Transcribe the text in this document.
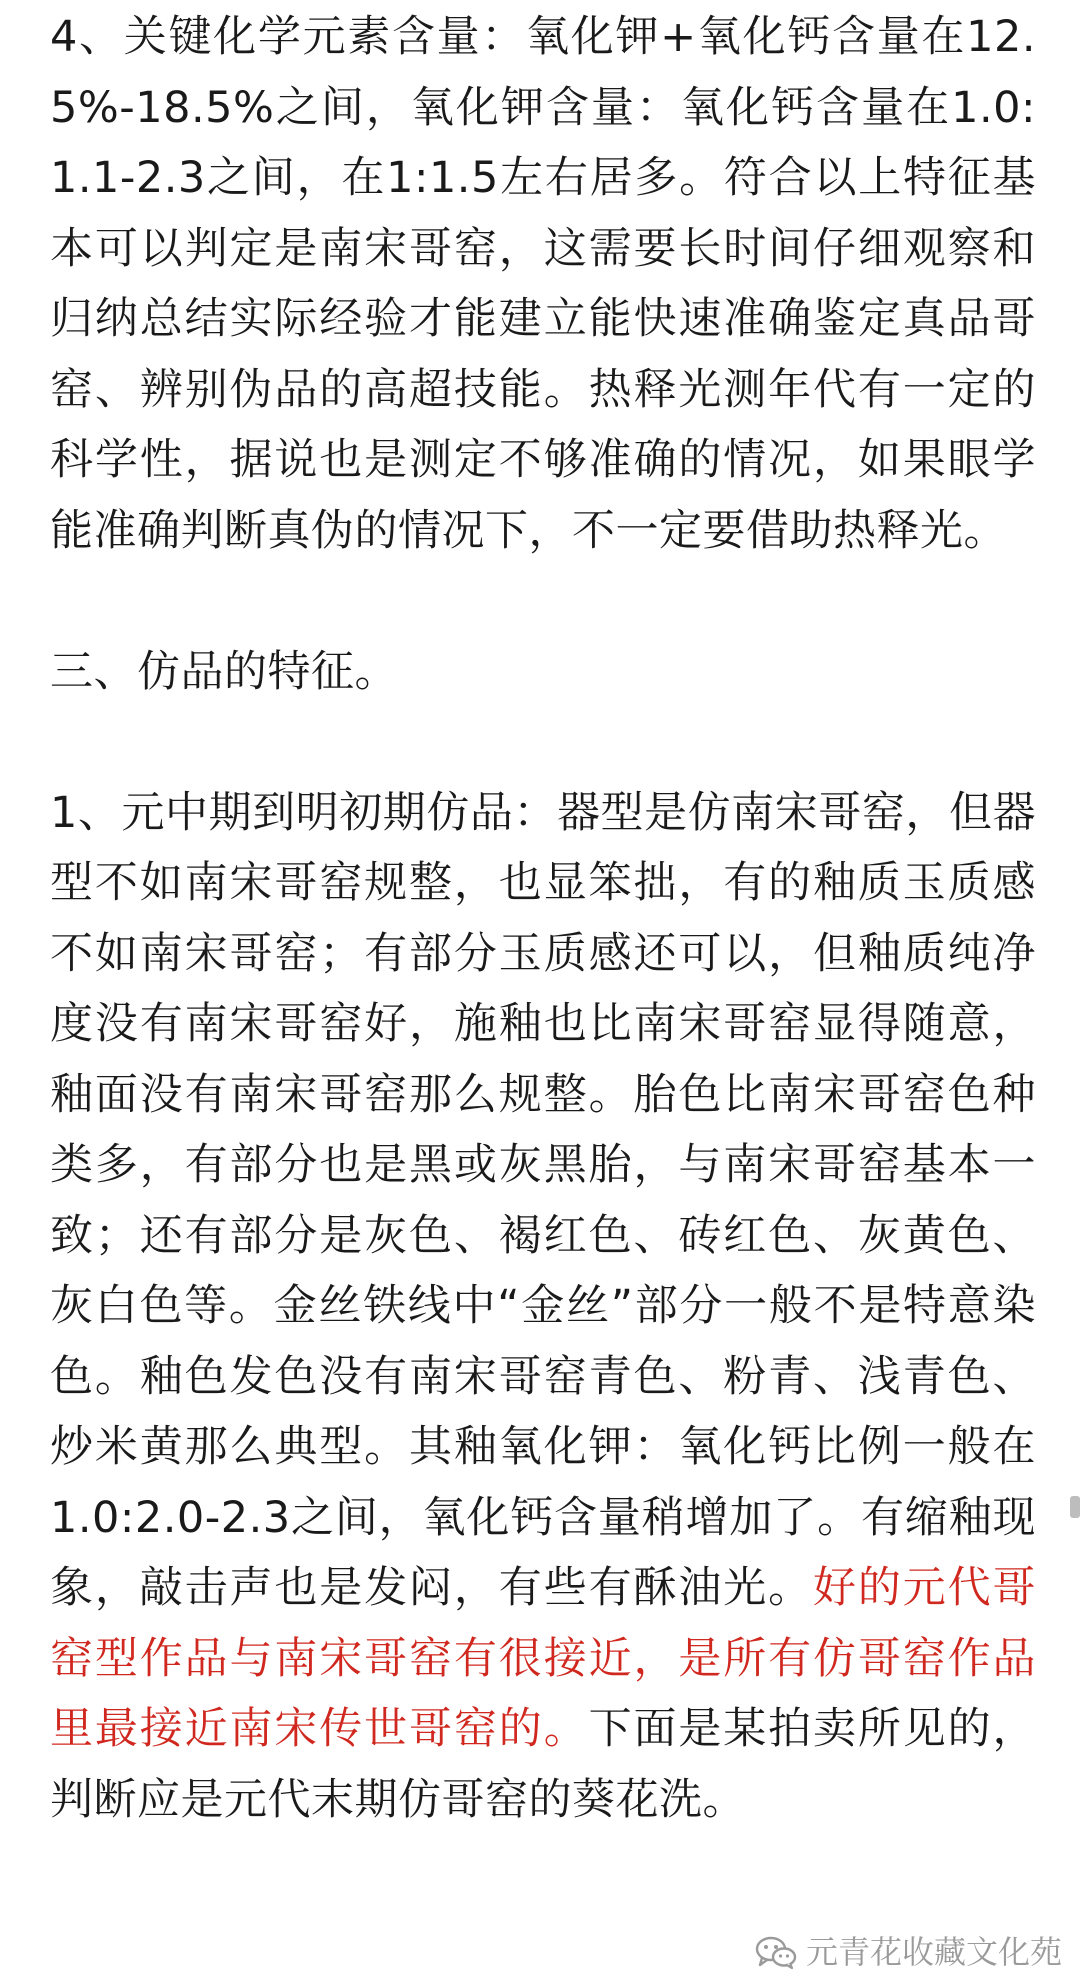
4、关键化学元素含量：氧化钾+氧化钙含量在12.5%-18.5%之间，氧化钾含量：氧化钙含量在1.0:1.1-2.3之间，在1:1.5左右居多。符合以上特征基本可以判定是南宋哥窑，这需要长时间仔细观察和归纳总结实际经验才能建立能快速准确鉴定真品哥窑、辨别伪品的高超技能。热释光测年代有一定的科学性，据说也是测定不够准确的情况，如果眼学能准确判断真伪的情况下，不一定要借助热释光。

三、仿品的特征。

1、元中期到明初期仿品：器型是仿南宋哥窑，但器型不如南宋哥窑规整，也显笨拙，有的釉质玉质感不如南宋哥窑；有部分玉质感还可以，但釉质纯净度没有南宋哥窑好，施釉也比南宋哥窑显得随意，釉面没有南宋哥窑那么规整。胎色比南宋哥窑色种类多，有部分也是黑或灰黑胎，与南宋哥窑基本一致；还有部分是灰色、褐红色、砖红色、灰黄色、灰白色等。金丝铁线中“金丝”部分一般不是特意染色。釉色发色没有南宋哥窑青色、粉青、浅青色、炒米黄那么典型。其釉氧化钾：氧化钙比例一般在1.0:2.0-2.3之间，氧化钙含量稍增加了。有缩釉现象，敲击声也是发闷，有些有酥油光。好的元代哥窑型作品与南宋哥窑有很接近，是所有仿哥窑作品里最接近南宋传世哥窑的。下面是某拍卖所见的，判断应是元代末期仿哥窑的葵花洗。

元青花收藏文化苑
